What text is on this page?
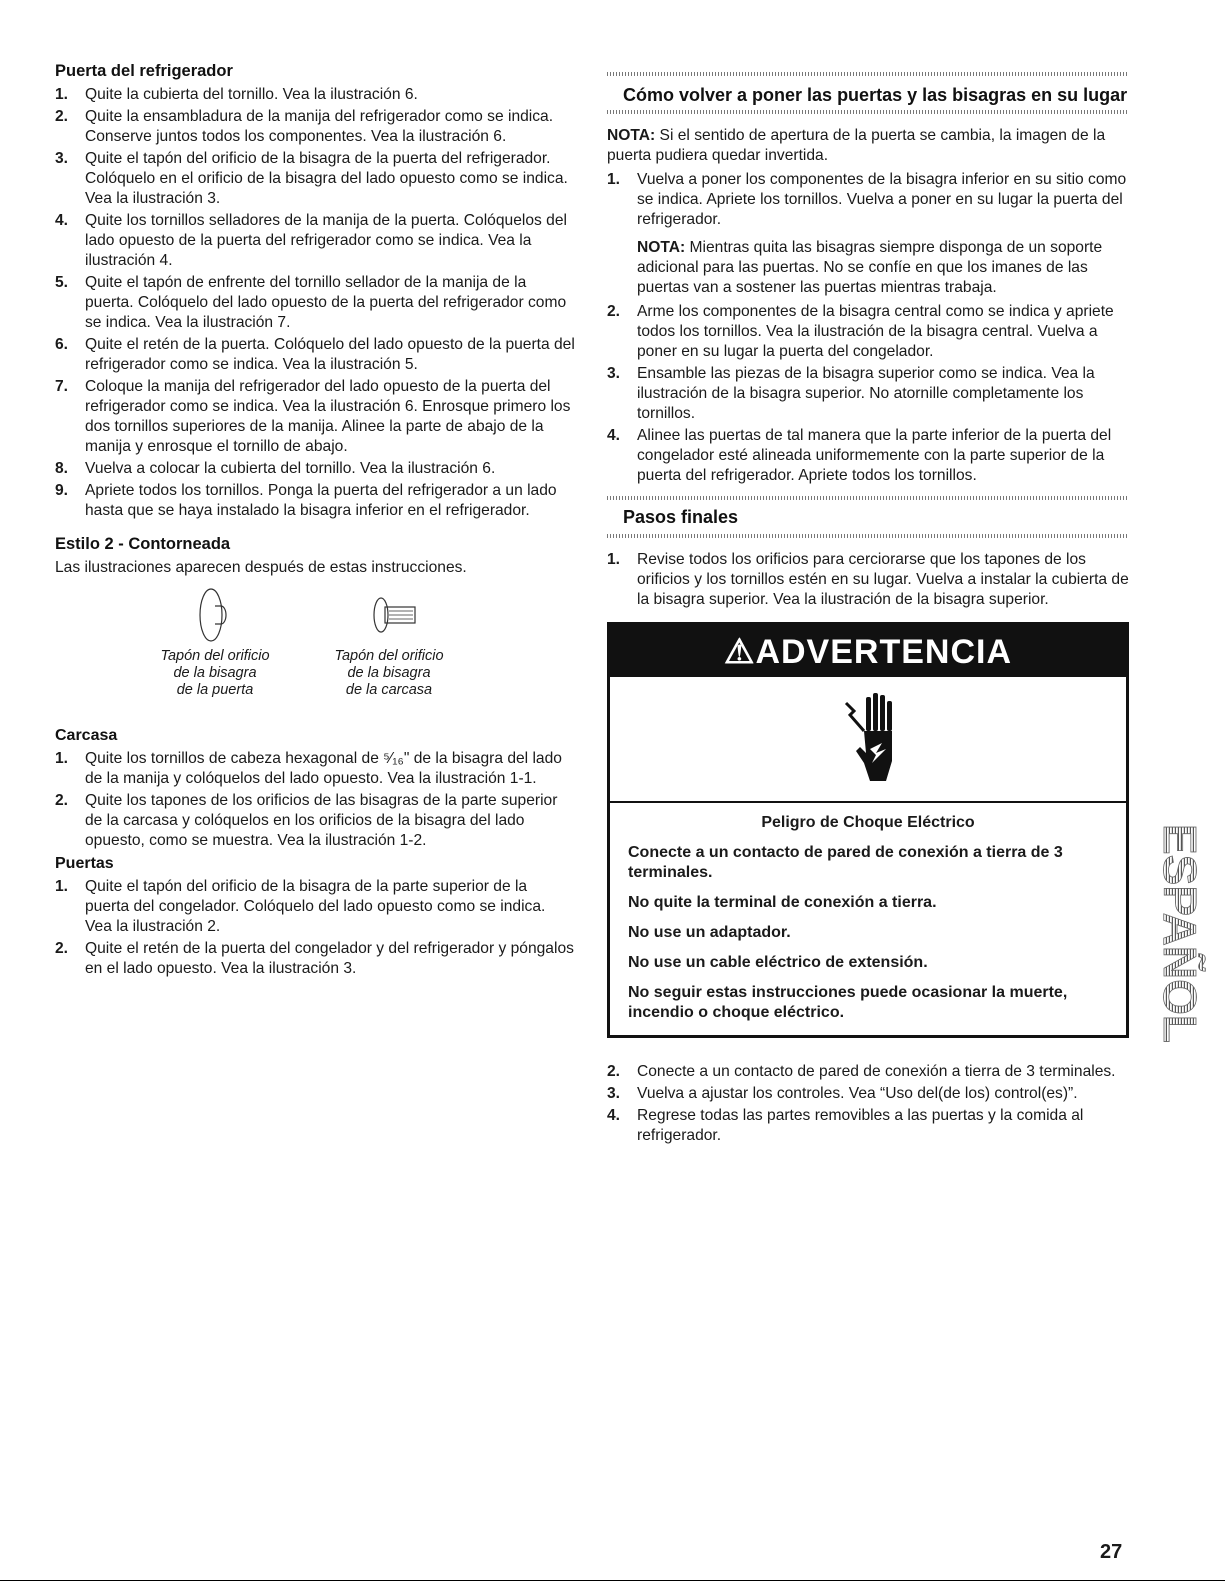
Puerta del refrigerador
1. Quite la cubierta del tornillo. Vea la ilustración 6.
2. Quite la ensambladura de la manija del refrigerador como se indica. Conserve juntos todos los componentes. Vea la ilustración 6.
3. Quite el tapón del orificio de la bisagra de la puerta del refrigerador. Colóquelo en el orificio de la bisagra del lado opuesto como se indica. Vea la ilustración 3.
4. Quite los tornillos selladores de la manija de la puerta. Colóquelos del lado opuesto de la puerta del refrigerador como se indica. Vea la ilustración 4.
5. Quite el tapón de enfrente del tornillo sellador de la manija de la puerta. Colóquelo del lado opuesto de la puerta del refrigerador como se indica. Vea la ilustración 7.
6. Quite el retén de la puerta. Colóquelo del lado opuesto de la puerta del refrigerador como se indica. Vea la ilustración 5.
7. Coloque la manija del refrigerador del lado opuesto de la puerta del refrigerador como se indica. Vea la ilustración 6. Enrosque primero los dos tornillos superiores de la manija. Alinee la parte de abajo de la manija y enrosque el tornillo de abajo.
8. Vuelva a colocar la cubierta del tornillo. Vea la ilustración 6.
9. Apriete todos los tornillos. Ponga la puerta del refrigerador a un lado hasta que se haya instalado la bisagra inferior en el refrigerador.
Estilo 2 - Contorneada

Las ilustraciones aparecen después de estas instrucciones.

Tapón del orificio
de la bisagra
de la puerta
Tapón del orificio
de la bisagra
de la carcasa
Carcasa
1. Quite los tornillos de cabeza hexagonal de ⁵⁄₁₆" de la bisagra del lado de la manija y colóquelos del lado opuesto. Vea la ilustración 1-1.
2. Quite los tapones de los orificios de las bisagras de la parte superior de la carcasa y colóquelos en los orificios de la bisagra del lado opuesto, como se muestra. Vea la ilustración 1-2.
Puertas
1. Quite el tapón del orificio de la bisagra de la parte superior de la puerta del congelador. Colóquelo del lado opuesto como se indica. Vea la ilustración 2.
2. Quite el retén de la puerta del congelador y del refrigerador y póngalos en el lado opuesto. Vea la ilustración 3.
Cómo volver a poner las puertas y las bisagras en su lugar

NOTA: Si el sentido de apertura de la puerta se cambia, la imagen de la puerta pudiera quedar invertida.

1. Vuelva a poner los componentes de la bisagra inferior en su sitio como se indica. Apriete los tornillos. Vuelva a poner en su lugar la puerta del refrigerador.
NOTA: Mientras quita las bisagras siempre disponga de un soporte adicional para las puertas. No se confíe en que los imanes de las puertas van a sostener las puertas mientras trabaja.
2. Arme los componentes de la bisagra central como se indica y apriete todos los tornillos. Vea la ilustración de la bisagra central. Vuelva a poner en su lugar la puerta del congelador.
3. Ensamble las piezas de la bisagra superior como se indica. Vea la ilustración de la bisagra superior. No atornille completamente los tornillos.
4. Alinee las puertas de tal manera que la parte inferior de la puerta del congelador esté alineada uniformemente con la parte superior de la puerta del refrigerador. Apriete todos los tornillos.
Pasos finales
1. Revise todos los orificios para cerciorarse que los tapones de los orificios y los tornillos estén en su lugar. Vuelva a instalar la cubierta de la bisagra superior. Vea la ilustración de la bisagra superior.
⚠ADVERTENCIA
Peligro de Choque Eléctrico
Conecte a un contacto de pared de conexión a tierra de 3 terminales.
No quite la terminal de conexión a tierra.
No use un adaptador.
No use un cable eléctrico de extensión.
No seguir estas instrucciones puede ocasionar la muerte, incendio o choque eléctrico.
2. Conecte a un contacto de pared de conexión a tierra de 3 terminales.
3. Vuelva a ajustar los controles. Vea “Uso del(de los) control(es)”.
4. Regrese todas las partes removibles a las puertas y la comida al refrigerador.
ESPAÑOL
27
